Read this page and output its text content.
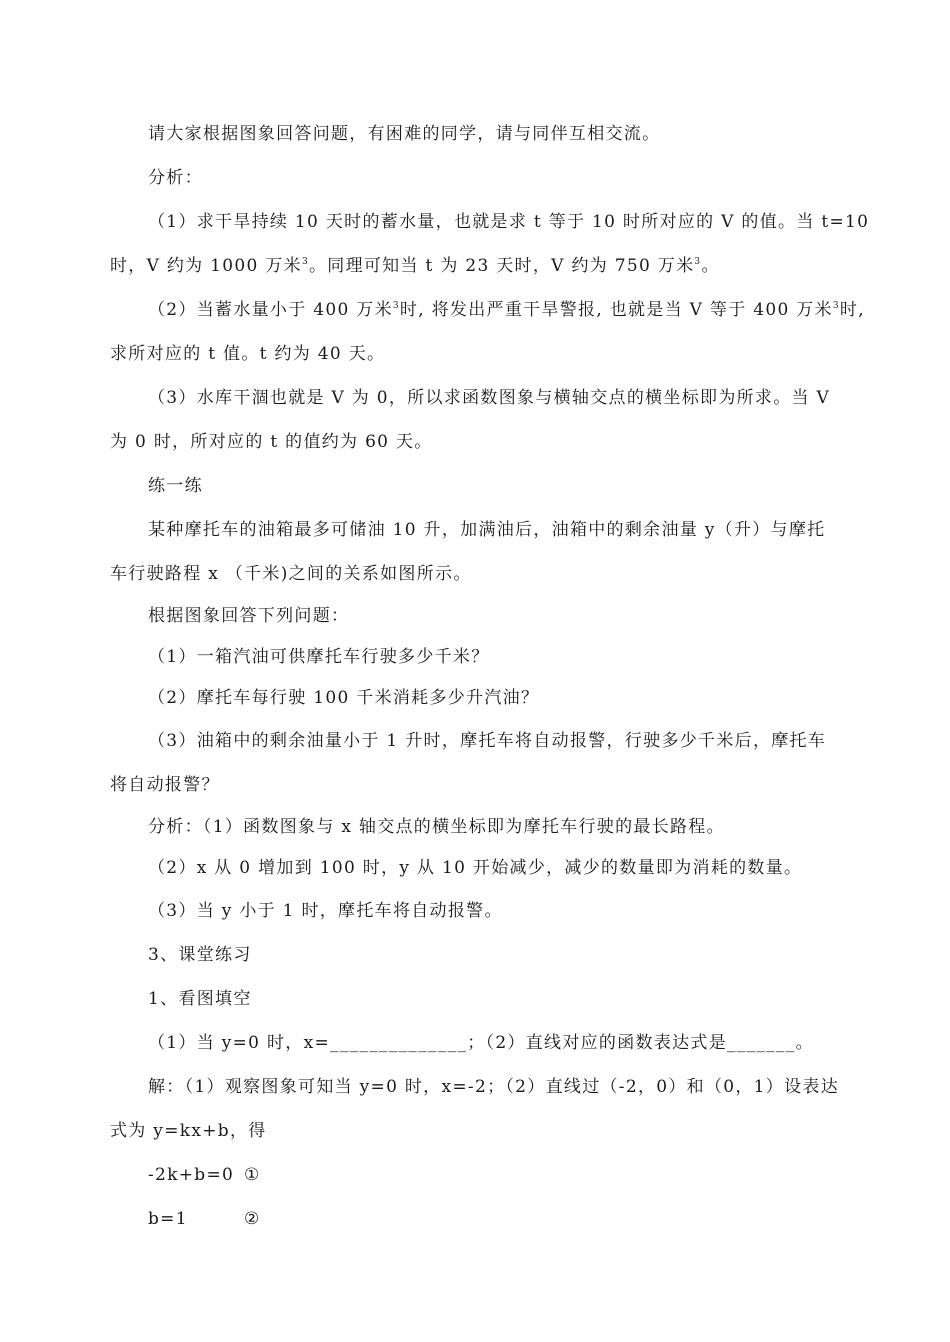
请大家根据图象回答问题，有困难的同学，请与同伴互相交流。

分析：

（1）求干旱持续 10 天时的蓄水量，也就是求 t 等于 10 时所对应的 V 的值。当 t=10

时，V 约为 1000 万米$^3$。同理可知当 t 为 23 天时，V 约为 750 万米$^3$。

（2）当蓄水量小于 400 万米$^3$时, 将发出严重干旱警报, 也就是当 V 等于 400 万米$^3$时,

求所对应的 t 值。t 约为 40 天。

（3）水库干涸也就是 V 为 0，所以求函数图象与横轴交点的横坐标即为所求。当 V

为 0 时，所对应的 t 的值约为 60 天。

练一练

某种摩托车的油箱最多可储油 10 升，加满油后，油箱中的剩余油量 y（升）与摩托

车行驶路程 x （千米)之间的关系如图所示。

根据图象回答下列问题：

（1）一箱汽油可供摩托车行驶多少千米？

（2）摩托车每行驶 100 千米消耗多少升汽油？

（3）油箱中的剩余油量小于 1 升时，摩托车将自动报警，行驶多少千米后，摩托车

将自动报警？

分析：（1）函数图象与 x 轴交点的横坐标即为摩托车行驶的最长路程。

（2）x 从 0 增加到 100 时，y 从 10 开始减少，减少的数量即为消耗的数量。

（3）当 y 小于 1 时，摩托车将自动报警。

3、课堂练习

1、看图填空

（1）当 y=0 时，x=______________；（2）直线对应的函数表达式是_______。

解：（1）观察图象可知当 y=0 时，x=-2；（2）直线过（-2，0）和（0，1）设表达

式为 y=kx+b，得

-2k+b=0 ①

b=1	②
